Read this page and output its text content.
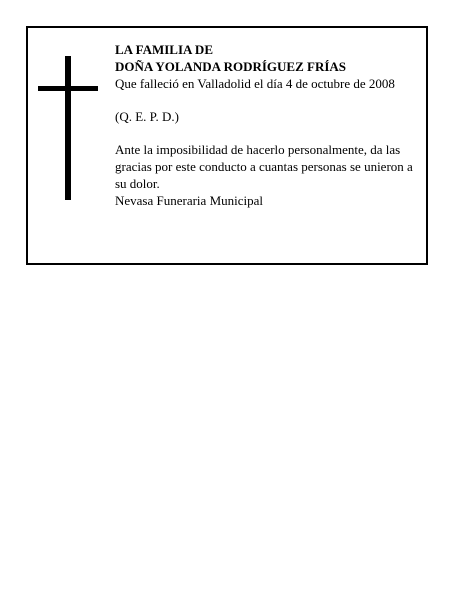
LA FAMILIA DE
DOÑA YOLANDA RODRÍGUEZ FRÍAS
Que falleció en Valladolid el día 4 de octubre de 2008
(Q. E. P. D.)
Ante la imposibilidad de hacerlo personalmente, da las gracias por este conducto a cuantas personas se unieron a su dolor.
Nevasa Funeraria Municipal
